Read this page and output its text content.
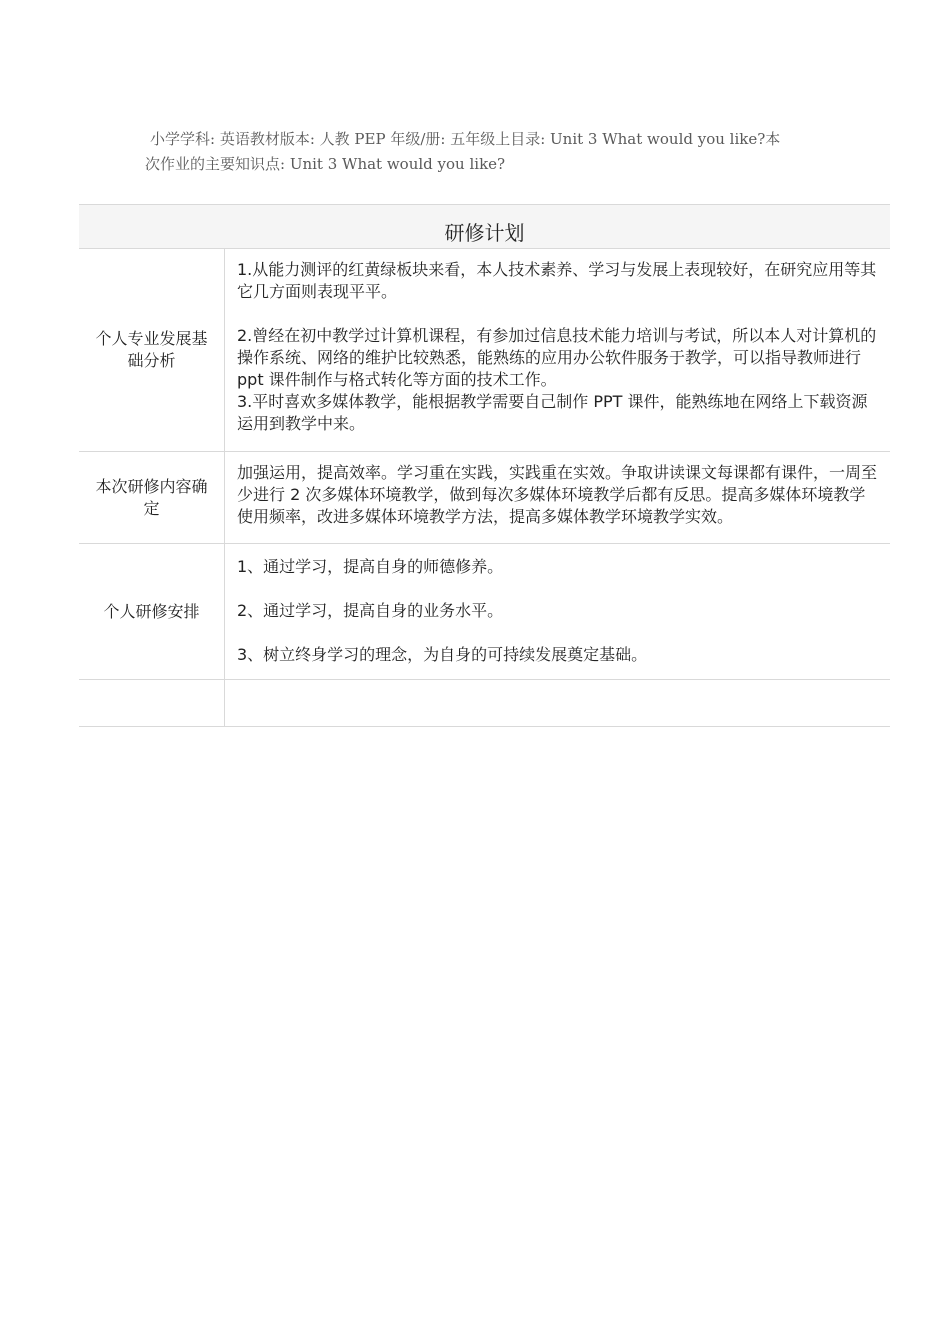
小学学科: 英语教材版本: 人教 PEP 年级/册: 五年级上目录: Unit 3 What would you like?本
次作业的主要知识点: Unit 3 What would you like?
研修计划
个人专业发展基础分析

1.从能力测评的红黄绿板块来看，本人技术素养、学习与发展上表现较好，在研究应用等其它几方面则表现平平。

2.曾经在初中教学过计算机课程，有参加过信息技术能力培训与考试，所以本人对计算机的操作系统、网络的维护比较熟悉，能熟练的应用办公软件服务于教学，可以指导教师进行 ppt 课件制作与格式转化等方面的技术工作。

3.平时喜欢多媒体教学，能根据教学需要自己制作 PPT 课件，能熟练地在网络上下载资源运用到教学中来。

本次研修内容确定

加强运用，提高效率。学习重在实践，实践重在实效。争取讲读课文每课都有课件，一周至少进行 2 次多媒体环境教学，做到每次多媒体环境教学后都有反思。提高多媒体环境教学使用频率，改进多媒体环境教学方法，提高多媒体教学环境教学实效。

个人研修安排

1、通过学习，提高自身的师德修养。

2、通过学习，提高自身的业务水平。

3、树立终身学习的理念，为自身的可持续发展奠定基础。
